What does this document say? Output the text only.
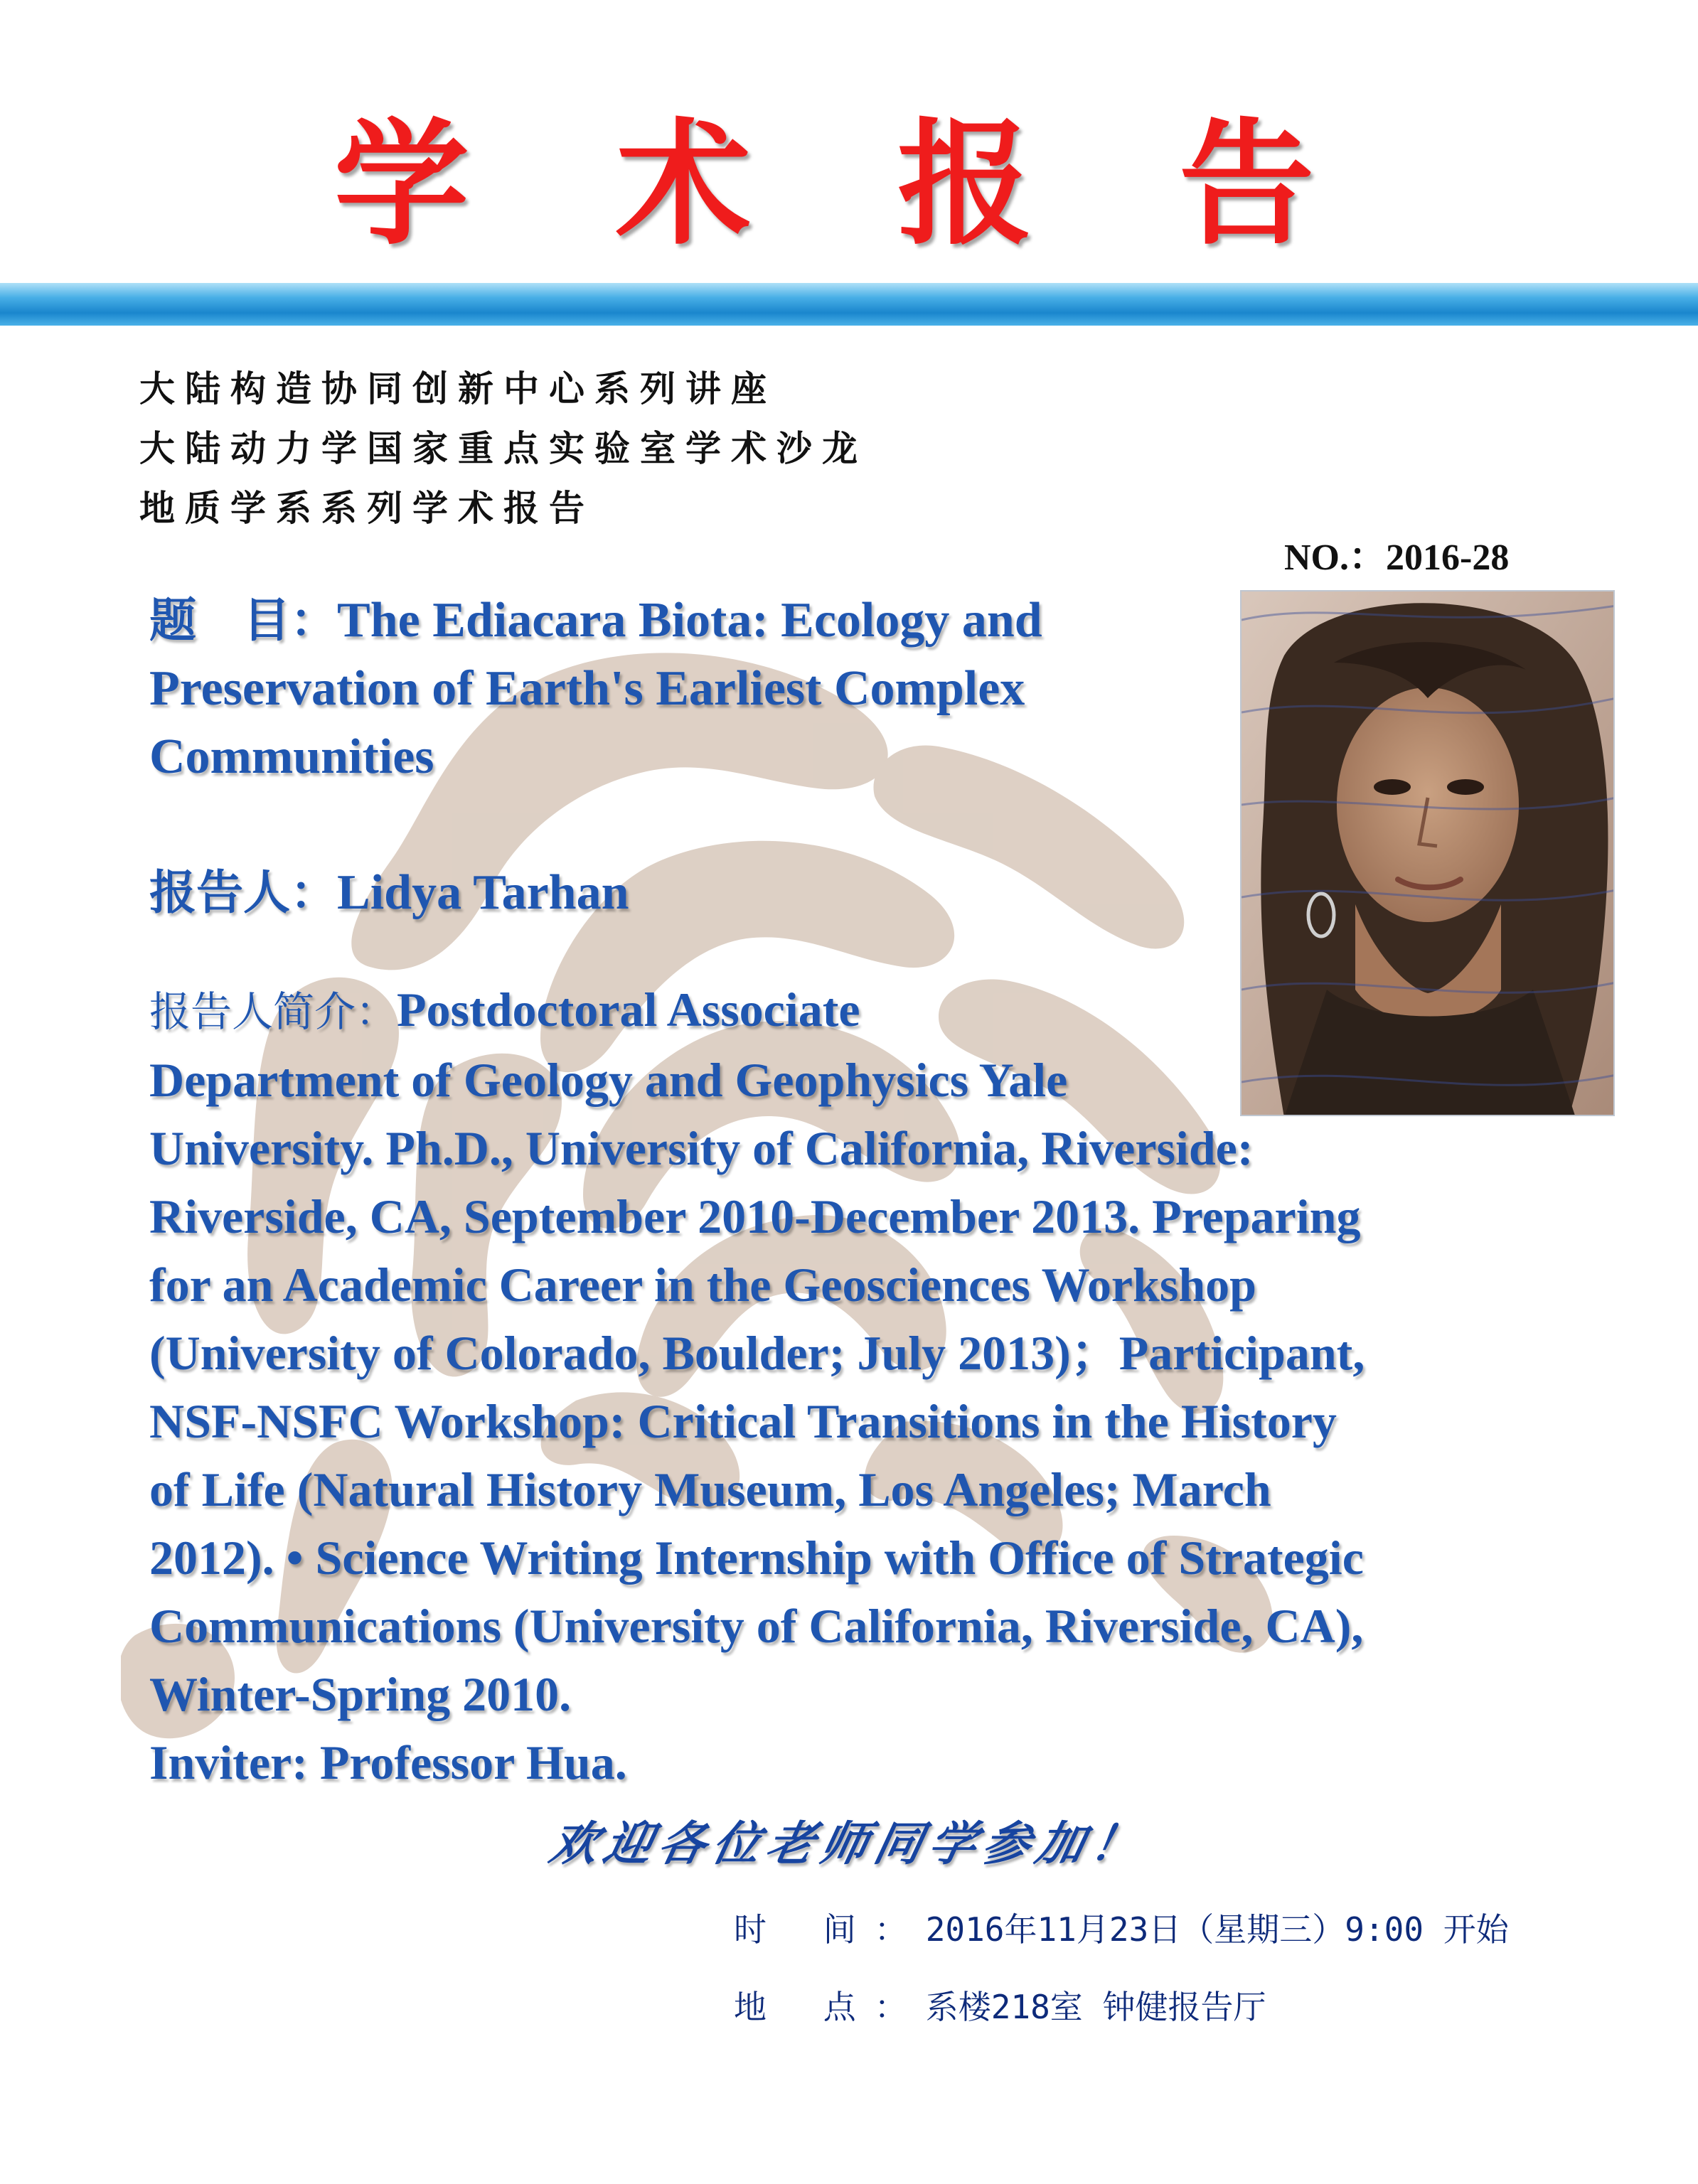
学 术 报 告
大陆构造协同创新中心系列讲座
大陆动力学国家重点实验室学术沙龙
地质学系系列学术报告
NO.：2016-28
题　目：The Ediacara Biota: Ecology and
Preservation of Earth's Earliest Complex
Communities
报告人：Lidya Tarhan
报告人简介：Postdoctoral Associate
Department of Geology and Geophysics Yale
University. Ph.D., University of California, Riverside:
Riverside, CA, September 2010-December 2013. Preparing
for an Academic Career in the Geosciences Workshop
(University of Colorado, Boulder; July 2013)；Participant,
NSF-NSFC Workshop: Critical Transitions in the History
of Life (Natural History Museum, Los Angeles; March
2012). • Science Writing Internship with Office of Strategic
Communications (University of California, Riverside, CA),
Winter-Spring 2010.
Inviter: Professor Hua.
欢迎各位老师同学参加！
时 间：2016年11月23日（星期三）9:00 开始
地 点：系楼218室 钟健报告厅
